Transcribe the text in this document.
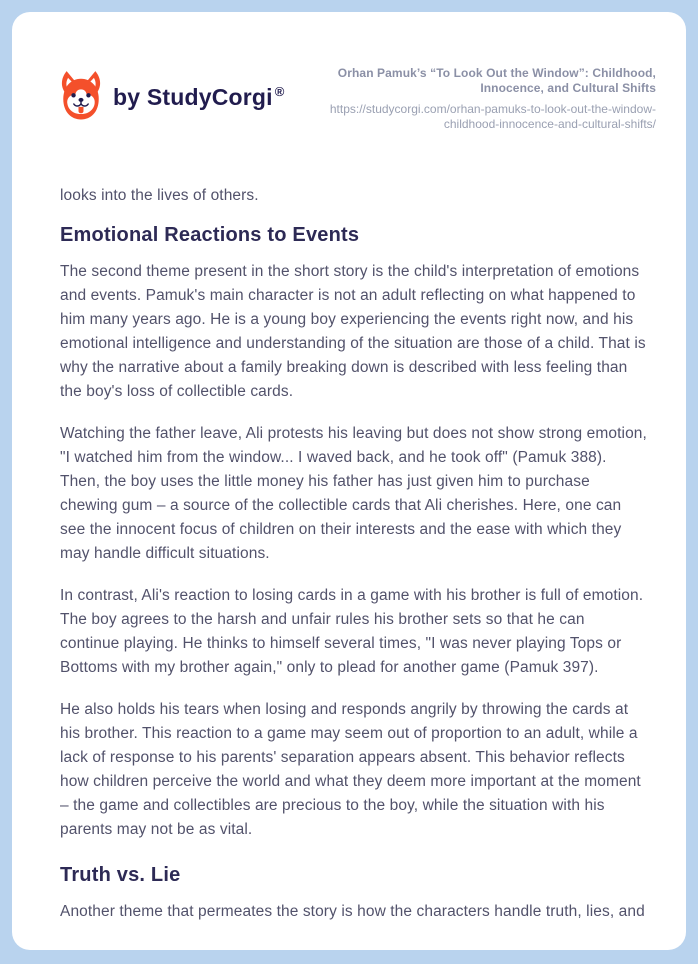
by StudyCorgi ®
Orhan Pamuk’s “To Look Out the Window”: Childhood, Innocence, and Cultural Shifts
https://studycorgi.com/orhan-pamuks-to-look-out-the-window-childhood-innocence-and-cultural-shifts/

looks into the lives of others.

Emotional Reactions to Events

The second theme present in the short story is the child's interpretation of emotions and events. Pamuk's main character is not an adult reflecting on what happened to him many years ago. He is a young boy experiencing the events right now, and his emotional intelligence and understanding of the situation are those of a child. That is why the narrative about a family breaking down is described with less feeling than the boy's loss of collectible cards.

Watching the father leave, Ali protests his leaving but does not show strong emotion, "I watched him from the window... I waved back, and he took off" (Pamuk 388). Then, the boy uses the little money his father has just given him to purchase chewing gum – a source of the collectible cards that Ali cherishes. Here, one can see the innocent focus of children on their interests and the ease with which they may handle difficult situations.

In contrast, Ali's reaction to losing cards in a game with his brother is full of emotion. The boy agrees to the harsh and unfair rules his brother sets so that he can continue playing. He thinks to himself several times, "I was never playing Tops or Bottoms with my brother again," only to plead for another game (Pamuk 397).

He also holds his tears when losing and responds angrily by throwing the cards at his brother. This reaction to a game may seem out of proportion to an adult, while a lack of response to his parents' separation appears absent. This behavior reflects how children perceive the world and what they deem more important at the moment – the game and collectibles are precious to the boy, while the situation with his parents may not be as vital.

Truth vs. Lie

Another theme that permeates the story is how the characters handle truth, lies, and
